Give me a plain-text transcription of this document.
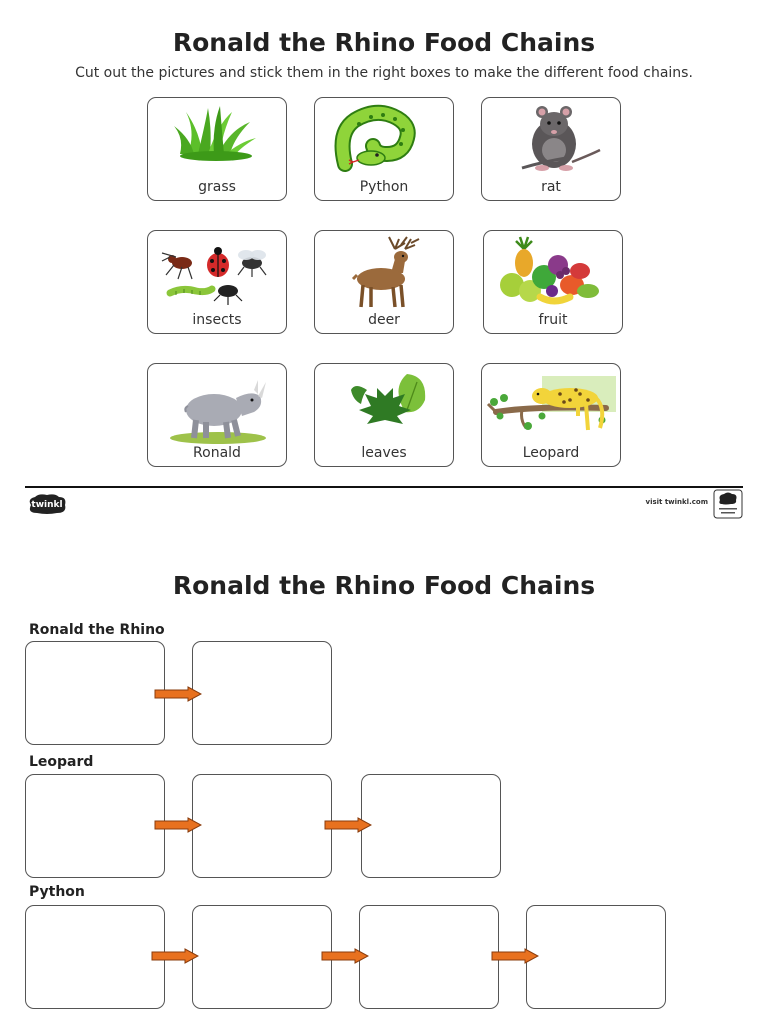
Ronald the Rhino Food Chains
Cut out the pictures and stick them in the right boxes to make the different food chains.
grass	Python	rat
insects	deer	fruit
Ronald	leaves	Leopard
twinkl	visit twinkl.com
Ronald the Rhino Food Chains
Ronald the Rhino
Leopard
Python
